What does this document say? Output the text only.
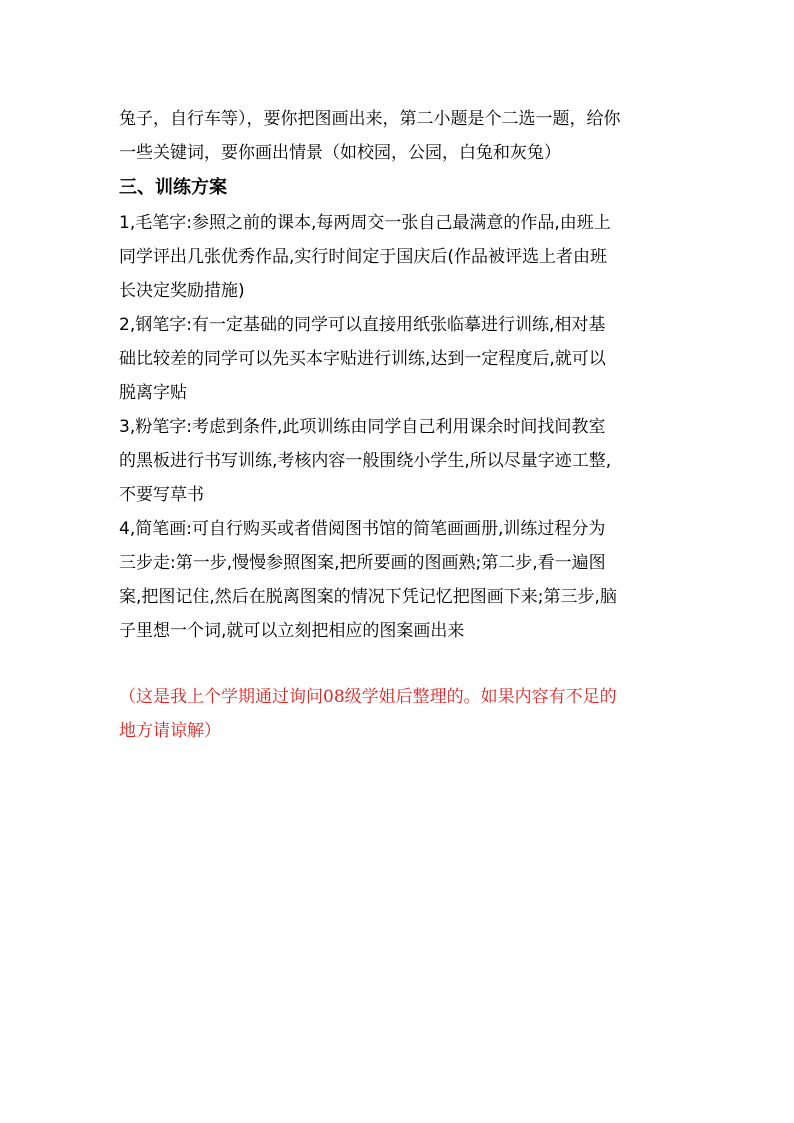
兔子，自行车等），要你把图画出来，第二小题是个二选一题，给你
一些关键词，要你画出情景（如校园，公园，白兔和灰兔）

三、训练方案

1,毛笔字:参照之前的课本,每两周交一张自己最满意的作品,由班上
同学评出几张优秀作品,实行时间定于国庆后(作品被评选上者由班
长决定奖励措施)

2,钢笔字:有一定基础的同学可以直接用纸张临摹进行训练,相对基
础比较差的同学可以先买本字贴进行训练,达到一定程度后,就可以
脱离字贴

3,粉笔字:考虑到条件,此项训练由同学自己利用课余时间找间教室
的黑板进行书写训练,考核内容一般围绕小学生,所以尽量字迹工整,
不要写草书

4,简笔画:可自行购买或者借阅图书馆的简笔画画册,训练过程分为
三步走:第一步,慢慢参照图案,把所要画的图画熟;第二步,看一遍图
案,把图记住,然后在脱离图案的情况下凭记忆把图画下来;第三步,脑
子里想一个词,就可以立刻把相应的图案画出来

（这是我上个学期通过询问08级学姐后整理的。如果内容有不足的
地方请谅解）
